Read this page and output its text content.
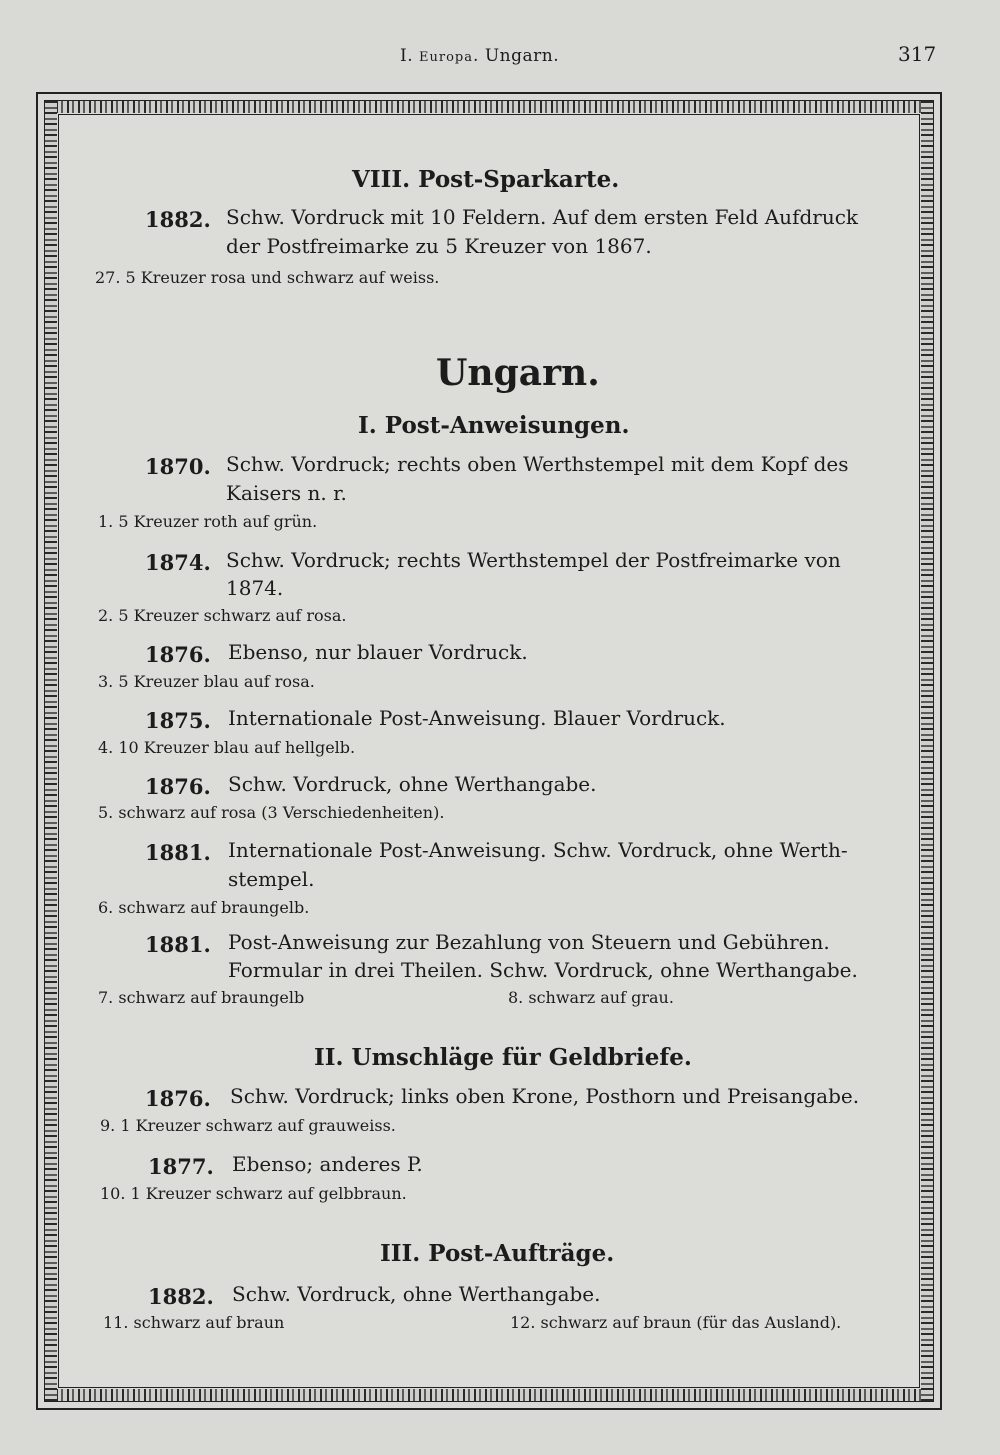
I. Europa. Ungarn.	317
VIII. Post-Sparkarte.
1882. Schw. Vordruck mit 10 Feldern. Auf dem ersten Feld Aufdruck
der Postfreimarke zu 5 Kreuzer von 1867.
27. 5 Kreuzer rosa und schwarz auf weiss.
Ungarn.
I. Post-Anweisungen.
1870. Schw. Vordruck; rechts oben Werthstempel mit dem Kopf des
Kaisers n. r.
1. 5 Kreuzer roth auf grün.
1874. Schw. Vordruck; rechts Werthstempel der Postfreimarke von
1874.
2. 5 Kreuzer schwarz auf rosa.
1876. Ebenso, nur blauer Vordruck.
3. 5 Kreuzer blau auf rosa.
1875. Internationale Post-Anweisung. Blauer Vordruck.
4. 10 Kreuzer blau auf hellgelb.
1876. Schw. Vordruck, ohne Werthangabe.
5. schwarz auf rosa (3 Verschiedenheiten).
1881. Internationale Post-Anweisung. Schw. Vordruck, ohne Werth-
stempel.
6. schwarz auf braungelb.
1881. Post-Anweisung zur Bezahlung von Steuern und Gebühren.
Formular in drei Theilen. Schw. Vordruck, ohne Werthangabe.
7. schwarz auf braungelb	8. schwarz auf grau.
II. Umschläge für Geldbriefe.
1876. Schw. Vordruck; links oben Krone, Posthorn und Preisangabe.
9. 1 Kreuzer schwarz auf grauweiss.
1877. Ebenso; anderes P.
10. 1 Kreuzer schwarz auf gelbbraun.
III. Post-Aufträge.
1882. Schw. Vordruck, ohne Werthangabe.
11. schwarz auf braun	12. schwarz auf braun (für das Ausland).
